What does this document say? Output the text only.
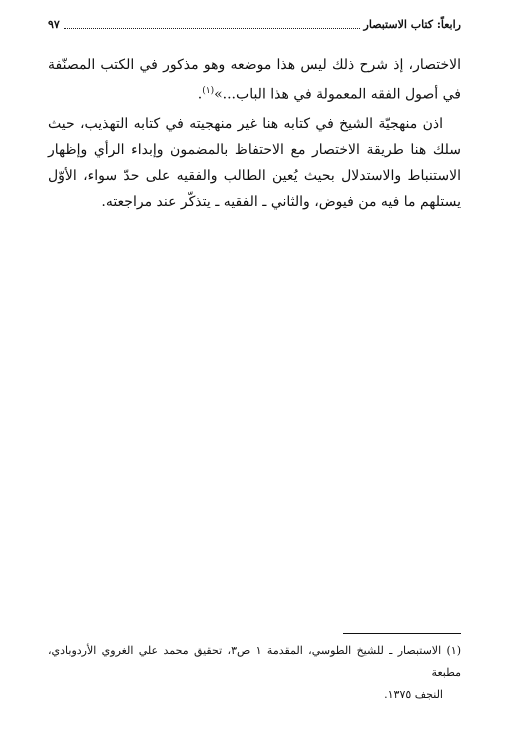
رابعاً: كتاب الاستبصار
٩٧

الاختصار، إذ شرح ذلك ليس هذا موضعه وهو مذكور في الكتب المصنّفة في أصول الفقه المعمولة في هذا الباب...»$^{(١)}$.

اذن منهجيّة الشيخ في كتابه هنا غير منهجيته في كتابه التهذيب، حيث سلك هنا طريقة الاختصار مع الاحتفاظ بالمضمون وإبداء الرأي وإظهار الاستنباط والاستدلال بحيث يُعين الطالب والفقيه على حدّ سواء، الأوّل يستلهم ما فيه من فيوض، والثاني ـ الفقيه ـ يتذكّر عند مراجعته.

(١) الاستبصار ـ للشيخ الطوسي، المقدمة ١ ص٣، تحقيق محمد علي الغروي الأردوبادي، مطبعة

النجف ١٣٧٥.
